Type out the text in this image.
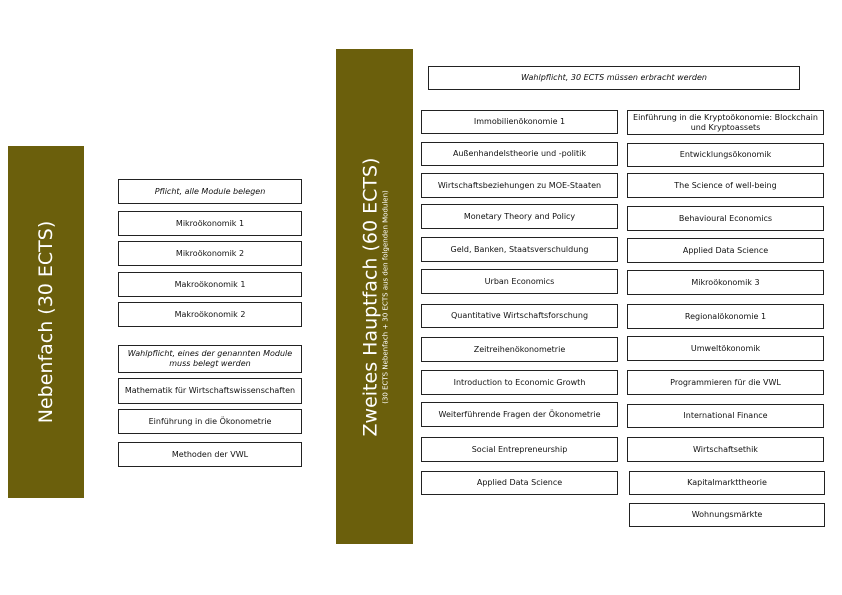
Nebenfach (30 ECTS)
Pflicht, alle Module belegen
Mikroökonomik 1
Mikroökonomik 2
Makroökonomik 1
Makroökonomik 2
Wahlpflicht, eines der genannten Module muss belegt werden
Mathematik für Wirtschaftswissenschaften
Einführung in die Ökonometrie
Methoden der VWL
Zweites Hauptfach (60 ECTS) (30 ECTS Nebenfach + 30 ECTS aus den folgenden Modulen)
Wahlpflicht, 30 ECTS müssen erbracht werden
Immobilienökonomie 1
Außenhandelstheorie und -politik
Wirtschaftsbeziehungen zu MOE-Staaten
Monetary Theory and Policy
Geld, Banken, Staatsverschuldung
Urban Economics
Quantitative Wirtschaftsforschung
Zeitreihenökonometrie
Introduction to Economic Growth
Weiterführende Fragen der Ökonometrie
Social Entrepreneurship
Applied Data Science
Einführung in die Kryptoökonomie: Blockchain und Kryptoassets
Entwicklungsökonomik
The Science of well-being
Behavioural Economics
Applied Data Science
Mikroökonomik 3
Regionalökonomie 1
Umweltökonomik
Programmieren für die VWL
International Finance
Wirtschaftsethik
Kapitalmarkttheorie
Wohnungsmärkte
